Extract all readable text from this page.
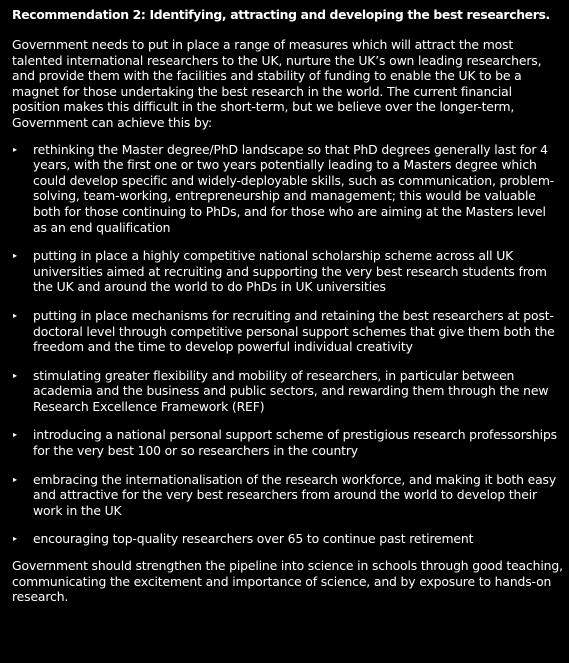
Recommendation 2: Identifying, attracting and developing the best researchers.
Government needs to put in place a range of measures which will attract the most talented international researchers to the UK, nurture the UK’s own leading researchers, and provide them with the facilities and stability of funding to enable the UK to be a magnet for those undertaking the best research in the world. The current financial position makes this difficult in the short-term, but we believe over the longer-term, Government can achieve this by:
▸ rethinking the Master degree/PhD landscape so that PhD degrees generally last for 4 years, with the first one or two years potentially leading to a Masters degree which could develop specific and widely-deployable skills, such as communication, problem-solving, team-working, entrepreneurship and management; this would be valuable both for those continuing to PhDs, and for those who are aiming at the Masters level as an end qualification
▸ putting in place a highly competitive national scholarship scheme across all UK universities aimed at recruiting and supporting the very best research students from the UK and around the world to do PhDs in UK universities
▸ putting in place mechanisms for recruiting and retaining the best researchers at post-doctoral level through competitive personal support schemes that give them both the freedom and the time to develop powerful individual creativity
▸ stimulating greater flexibility and mobility of researchers, in particular between academia and the business and public sectors, and rewarding them through the new Research Excellence Framework (REF)
▸ introducing a national personal support scheme of prestigious research professorships for the very best 100 or so researchers in the country
▸ embracing the internationalisation of the research workforce, and making it both easy and attractive for the very best researchers from around the world to develop their work in the UK
▸ encouraging top-quality researchers over 65 to continue past retirement
Government should strengthen the pipeline into science in schools through good teaching, communicating the excitement and importance of science, and by exposure to hands-on research.
